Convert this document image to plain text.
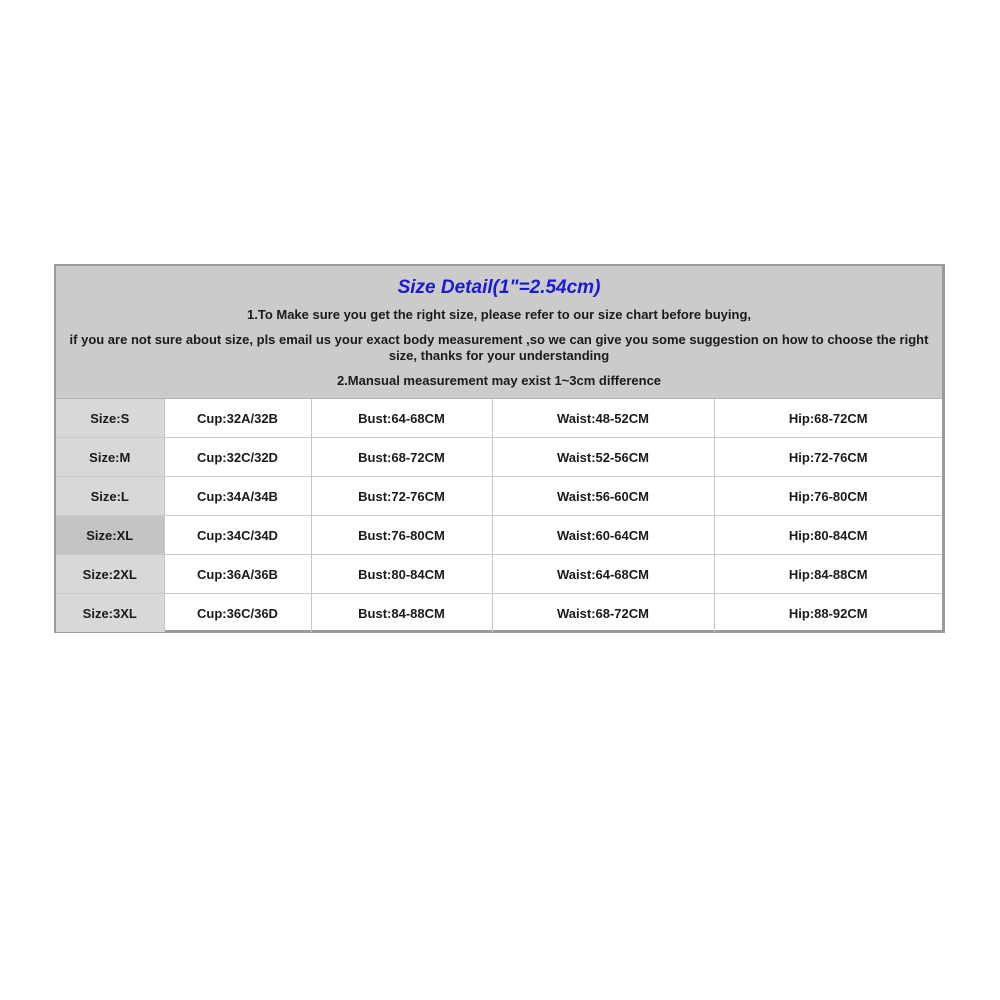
Size Detail(1"=2.54cm)
1.To Make sure you get the right size, please refer to our size chart before buying,
if you are not sure about size, pls email us your exact body measurement ,so we can give you some suggestion on how to choose the right size, thanks for your understanding
2.Mansual measurement may exist 1~3cm difference
Size:S	Cup:32A/32B	Bust:64-68CM	Waist:48-52CM	Hip:68-72CM
Size:M	Cup:32C/32D	Bust:68-72CM	Waist:52-56CM	Hip:72-76CM
Size:L	Cup:34A/34B	Bust:72-76CM	Waist:56-60CM	Hip:76-80CM
Size:XL	Cup:34C/34D	Bust:76-80CM	Waist:60-64CM	Hip:80-84CM
Size:2XL	Cup:36A/36B	Bust:80-84CM	Waist:64-68CM	Hip:84-88CM
Size:3XL	Cup:36C/36D	Bust:84-88CM	Waist:68-72CM	Hip:88-92CM
